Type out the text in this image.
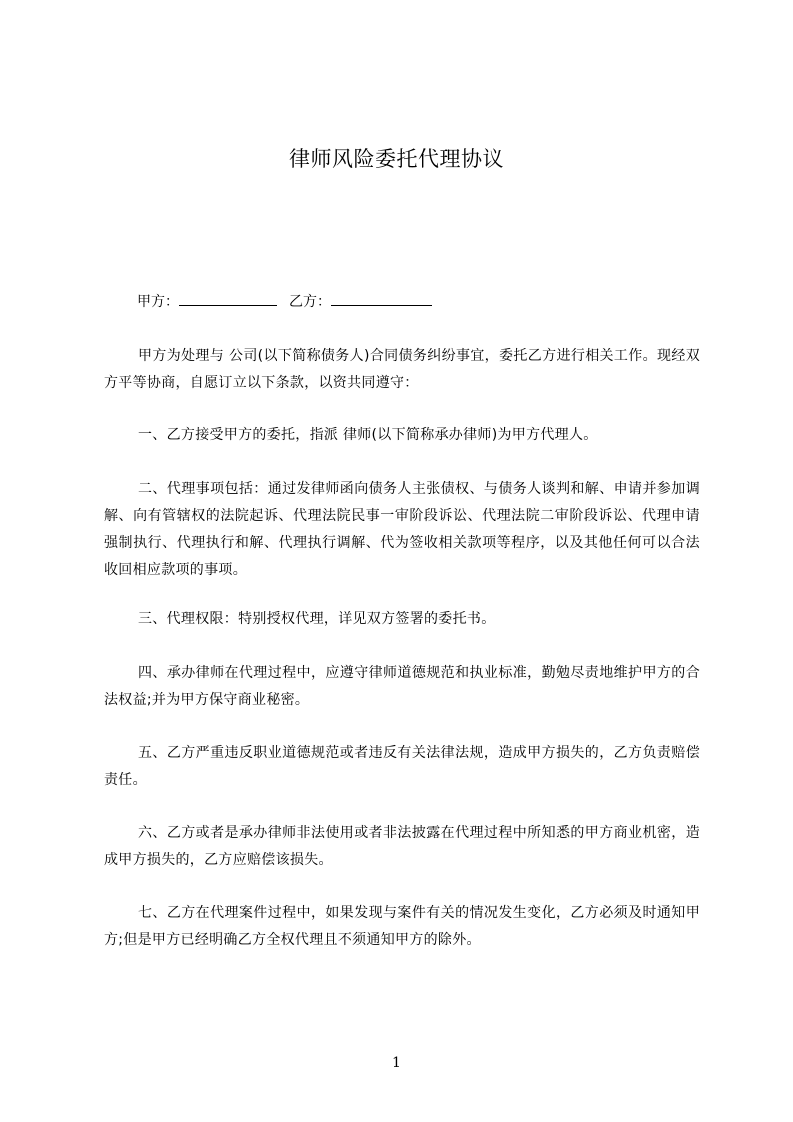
律师风险委托代理协议
甲方：	乙方：

甲方为处理与 公司(以下简称债务人)合同债务纠纷事宜，委托乙方进行相关工作。现经双方平等协商，自愿订立以下条款，以资共同遵守：

一、乙方接受甲方的委托，指派 律师(以下简称承办律师)为甲方代理人。

二、代理事项包括：通过发律师函向债务人主张债权、与债务人谈判和解、申请并参加调解、向有管辖权的法院起诉、代理法院民事一审阶段诉讼、代理法院二审阶段诉讼、代理申请强制执行、代理执行和解、代理执行调解、代为签收相关款项等程序，以及其他任何可以合法收回相应款项的事项。

三、代理权限：特别授权代理，详见双方签署的委托书。

四、承办律师在代理过程中，应遵守律师道德规范和执业标准，勤勉尽责地维护甲方的合法权益;并为甲方保守商业秘密。

五、乙方严重违反职业道德规范或者违反有关法律法规，造成甲方损失的，乙方负责赔偿责任。

六、乙方或者是承办律师非法使用或者非法披露在代理过程中所知悉的甲方商业机密，造成甲方损失的，乙方应赔偿该损失。

七、乙方在代理案件过程中，如果发现与案件有关的情况发生变化，乙方必须及时通知甲方;但是甲方已经明确乙方全权代理且不须通知甲方的除外。

1
